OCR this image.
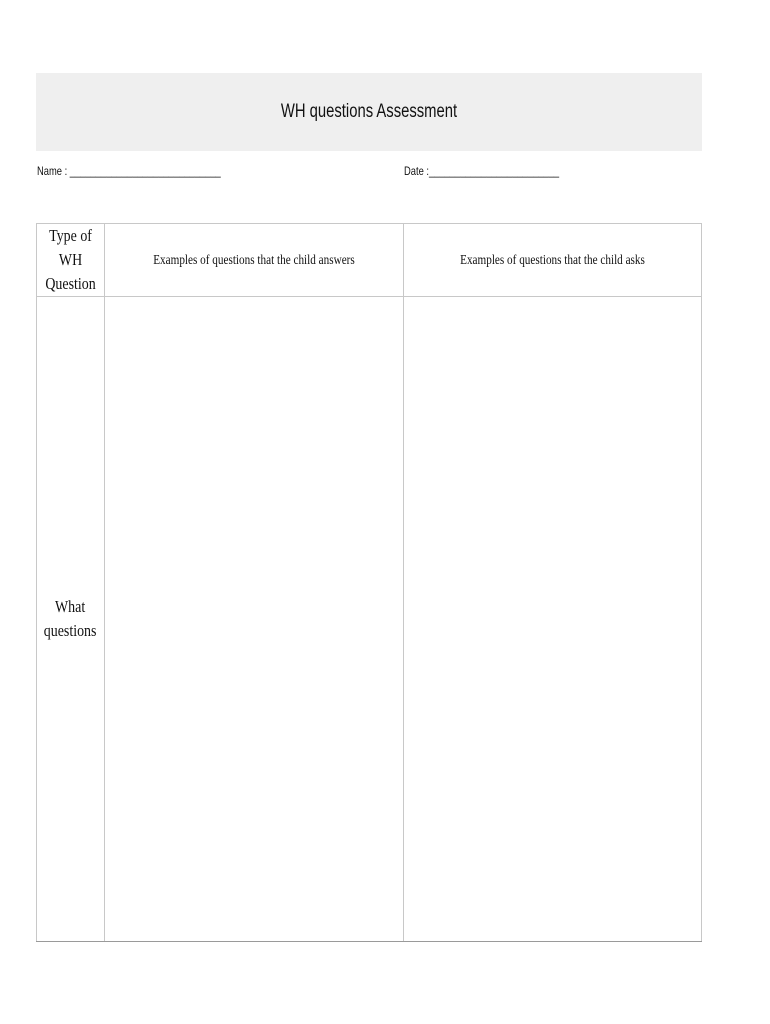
WH questions Assessment
Name : _____________________________	Date :_________________________
Type of WH
Question	Examples of questions that the child answers	Examples of questions that the child asks

What
questions		
